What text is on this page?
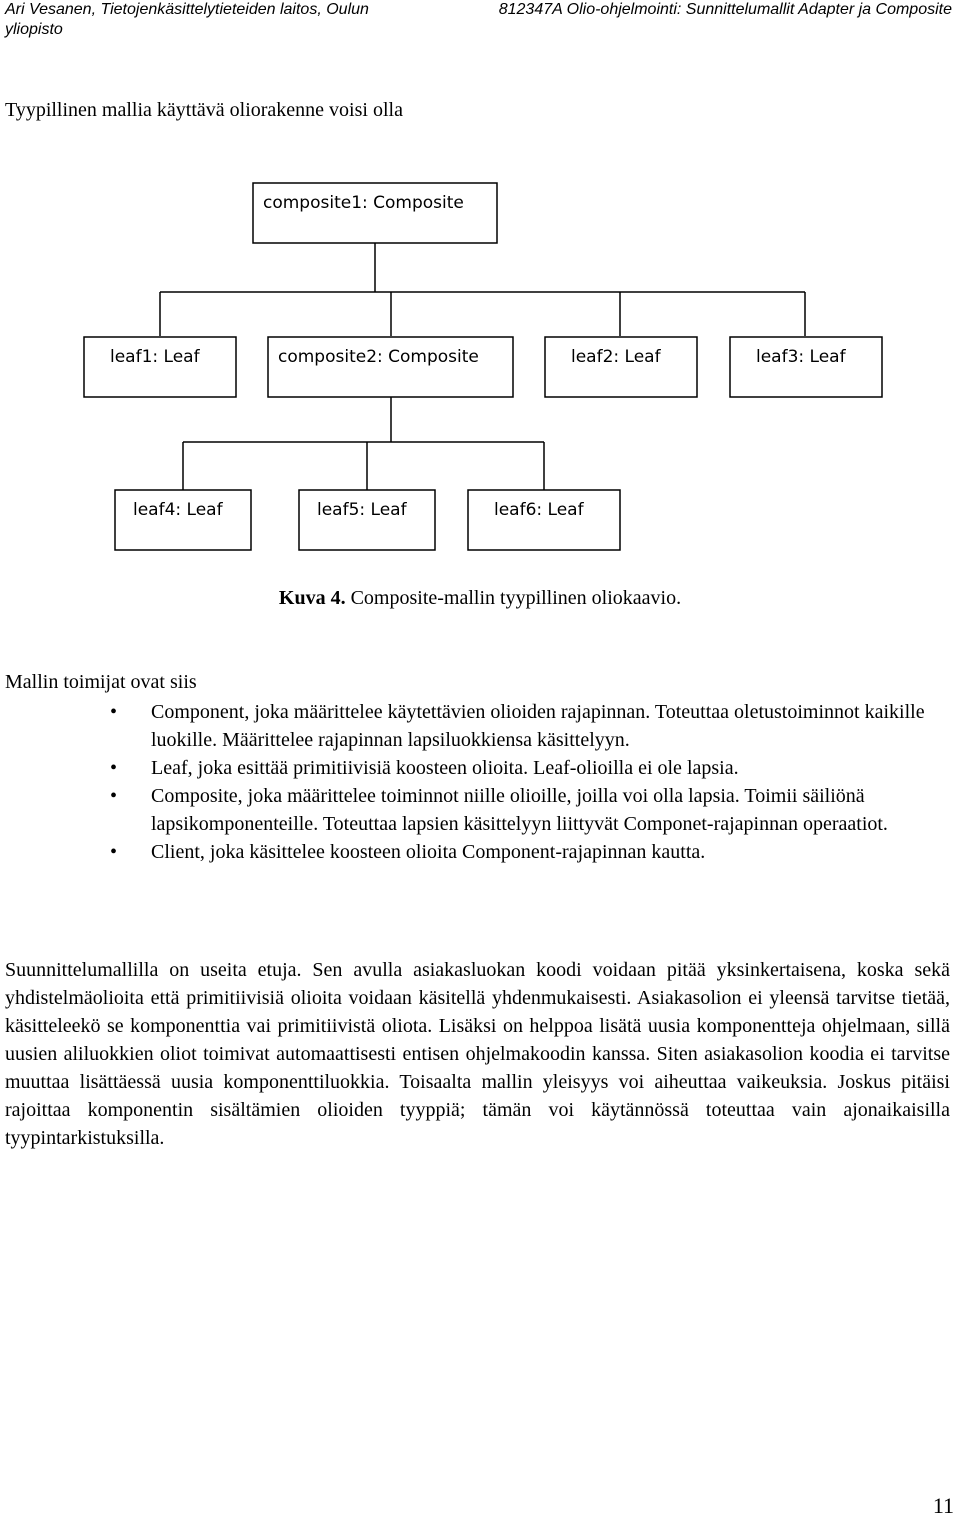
Ari Vesanen, Tietojenkäsittelytieteiden laitos, Oulun yliopisto
812347A Olio-ohjelmointi: Sunnittelumallit Adapter ja Composite
Tyypillinen mallia käyttävä oliorakenne voisi olla
composite1: Composite
leaf1: Leaf	composite2: Composite	leaf2: Leaf	leaf3: Leaf
leaf4: Leaf	leaf5: Leaf	leaf6: Leaf
Kuva 4. Composite-mallin tyypillinen oliokaavio.
Mallin toimijat ovat siis
• Component, joka määrittelee käytettävien olioiden rajapinnan. Toteuttaa oletustoiminnot kaikille luokille. Määrittelee rajapinnan lapsiluokkiensa käsittelyyn.
• Leaf, joka esittää primitiivisiä koosteen olioita. Leaf-olioilla ei ole lapsia.
• Composite, joka määrittelee toiminnot niille olioille, joilla voi olla lapsia. Toimii säiliönä lapsikomponenteille. Toteuttaa lapsien käsittelyyn liittyvät Componet-rajapinnan operaatiot.
• Client, joka käsittelee koosteen olioita Component-rajapinnan kautta.

Suunnittelumallilla on useita etuja. Sen avulla asiakasluokan koodi voidaan pitää yksinkertaisena, koska sekä yhdistelmäolioita että primitiivisiä olioita voidaan käsitellä yhdenmukaisesti. Asiakasolion ei yleensä tarvitse tietää, käsitteleekö se komponenttia vai primitiivistä oliota. Lisäksi on helppoa lisätä uusia komponentteja ohjelmaan, sillä uusien aliluokkien oliot toimivat automaattisesti entisen ohjelmakoodin kanssa. Siten asiakasolion koodia ei tarvitse muuttaa lisättäessä uusia komponenttiluokkia. Toisaalta mallin yleisyys voi aiheuttaa vaikeuksia. Joskus pitäisi rajoittaa komponentin sisältämien olioiden tyyppiä; tämän voi käytännössä toteuttaa vain ajonaikaisilla tyypintarkistuksilla.

11
